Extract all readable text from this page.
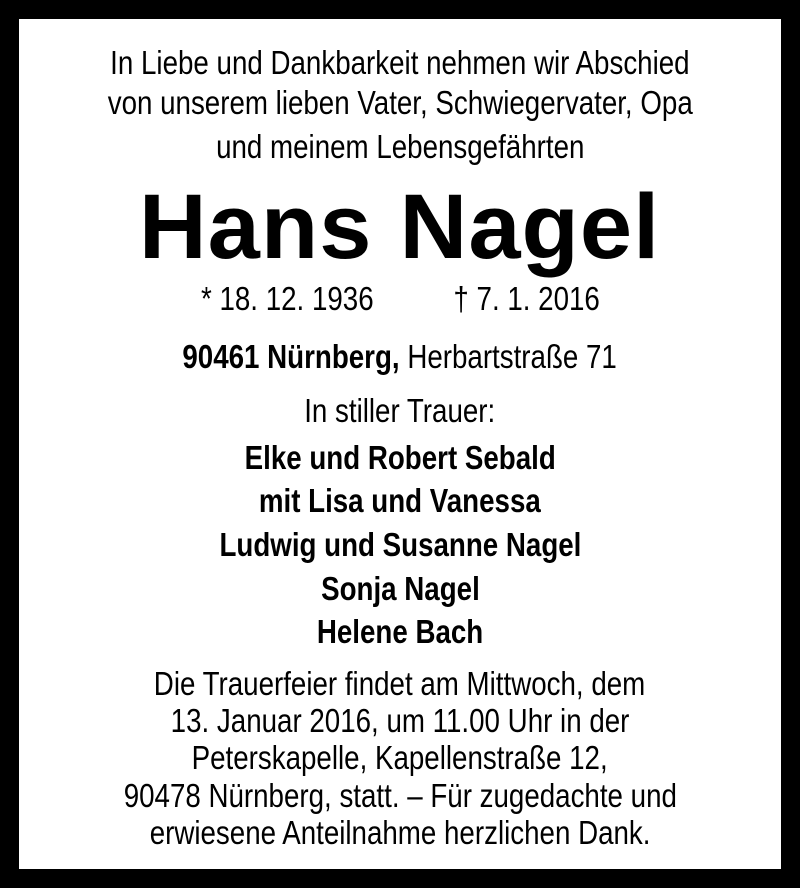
In Liebe und Dankbarkeit nehmen wir Abschied
von unserem lieben Vater, Schwiegervater, Opa
und meinem Lebensgefährten
Hans Nagel
* 18. 12. 1936 † 7. 1. 2016
90461 Nürnberg, Herbartstraße 71
In stiller Trauer:
Elke und Robert Sebald
mit Lisa und Vanessa
Ludwig und Susanne Nagel
Sonja Nagel
Helene Bach
Die Trauerfeier findet am Mittwoch, dem
13. Januar 2016, um 11.00 Uhr in der
Peterskapelle, Kapellenstraße 12,
90478 Nürnberg, statt. – Für zugedachte und
erwiesene Anteilnahme herzlichen Dank.
